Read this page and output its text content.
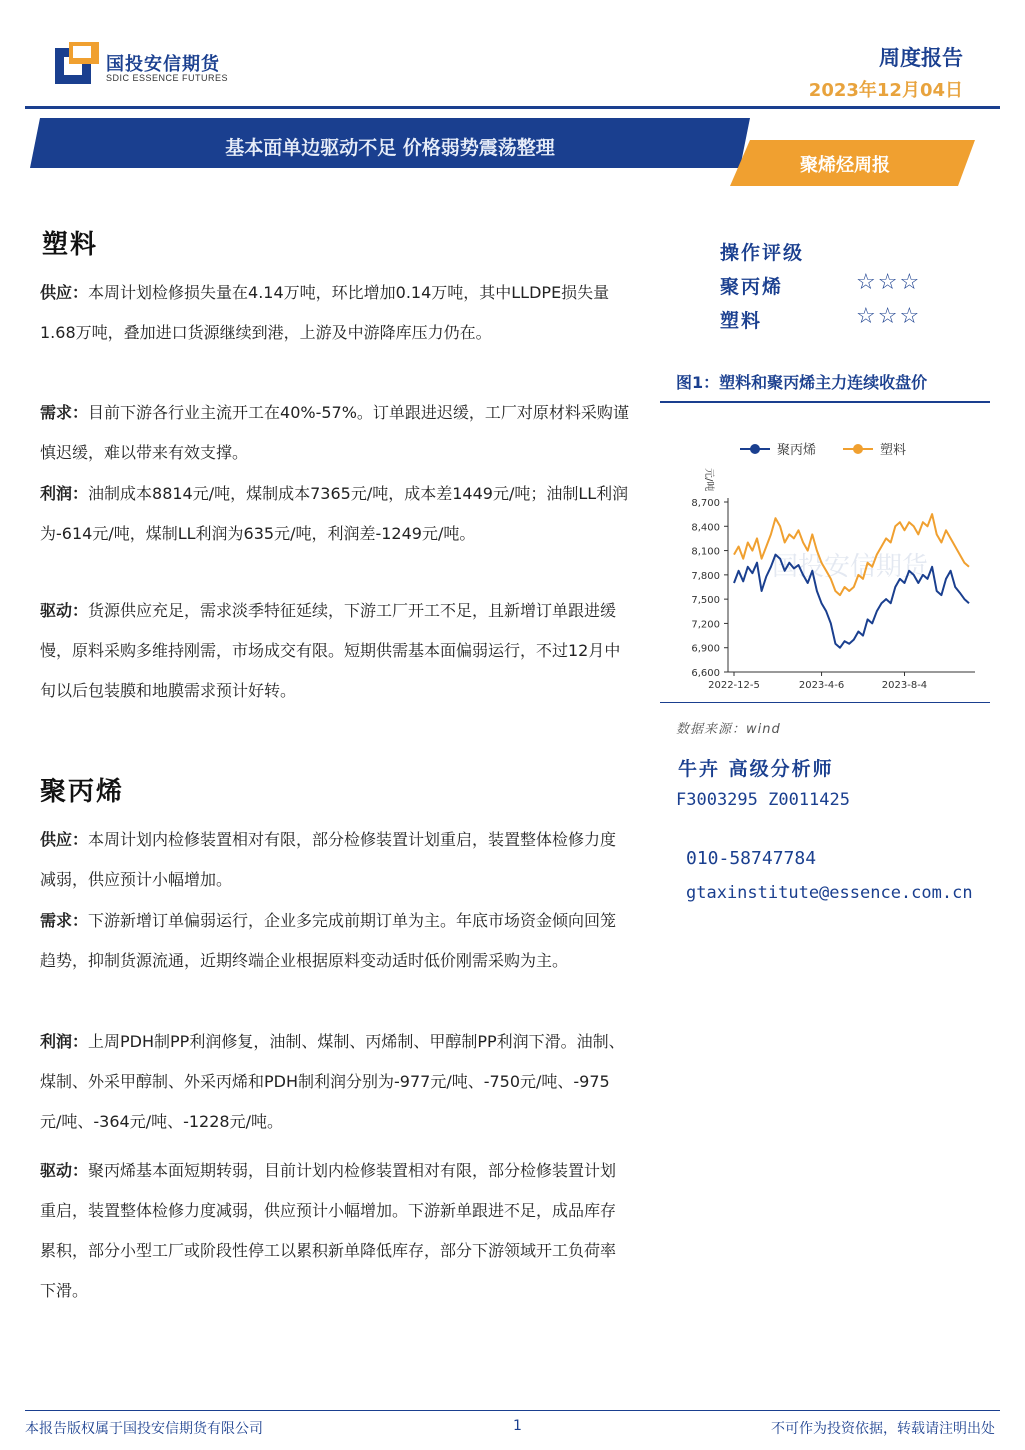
国投安信期货
SDIC ESSENCE FUTURES
周度报告
2023年12月04日
基本面单边驱动不足 价格弱势震荡整理
聚烯烃周报
塑料
供应：本周计划检修损失量在4.14万吨，环比增加0.14万吨，其中LLDPE损失量1.68万吨，叠加进口货源继续到港，上游及中游降库压力仍在。
需求：目前下游各行业主流开工在40%-57%。订单跟进迟缓，工厂对原材料采购谨慎迟缓，难以带来有效支撑。
利润：油制成本8814元/吨，煤制成本7365元/吨，成本差1449元/吨；油制LL利润为-614元/吨，煤制LL利润为635元/吨，利润差-1249元/吨。
驱动：货源供应充足，需求淡季特征延续，下游工厂开工不足，且新增订单跟进缓慢，原料采购多维持刚需，市场成交有限。短期供需基本面偏弱运行，不过12月中旬以后包装膜和地膜需求预计好转。
聚丙烯
供应：本周计划内检修装置相对有限，部分检修装置计划重启，装置整体检修力度减弱，供应预计小幅增加。
需求：下游新增订单偏弱运行，企业多完成前期订单为主。年底市场资金倾向回笼趋势，抑制货源流通，近期终端企业根据原料变动适时低价刚需采购为主。
利润：上周PDH制PP利润修复，油制、煤制、丙烯制、甲醇制PP利润下滑。油制、煤制、外采甲醇制、外采丙烯和PDH制利润分别为-977元/吨、-750元/吨、-975元/吨、-364元/吨、-1228元/吨。
驱动：聚丙烯基本面短期转弱，目前计划内检修装置相对有限，部分检修装置计划重启，装置整体检修力度减弱，供应预计小幅增加。下游新单跟进不足，成品库存累积，部分小型工厂或阶段性停工以累积新单降低库存，部分下游领域开工负荷率下滑。
操作评级
聚丙烯	☆☆☆
塑料	☆☆☆
图1：塑料和聚丙烯主力连续收盘价
国投安信期货
聚丙烯	塑料
元/吨
6,600
6,900
7,200
7,500
7,800
8,100
8,400
8,700
2022-12-5	2023-4-6	2023-8-4
数据来源：wind
牛卉 高级分析师
F3003295 Z0011425
010-58747784
gtaxinstitute@essence.com.cn
本报告版权属于国投安信期货有限公司	1	不可作为投资依据，转载请注明出处
